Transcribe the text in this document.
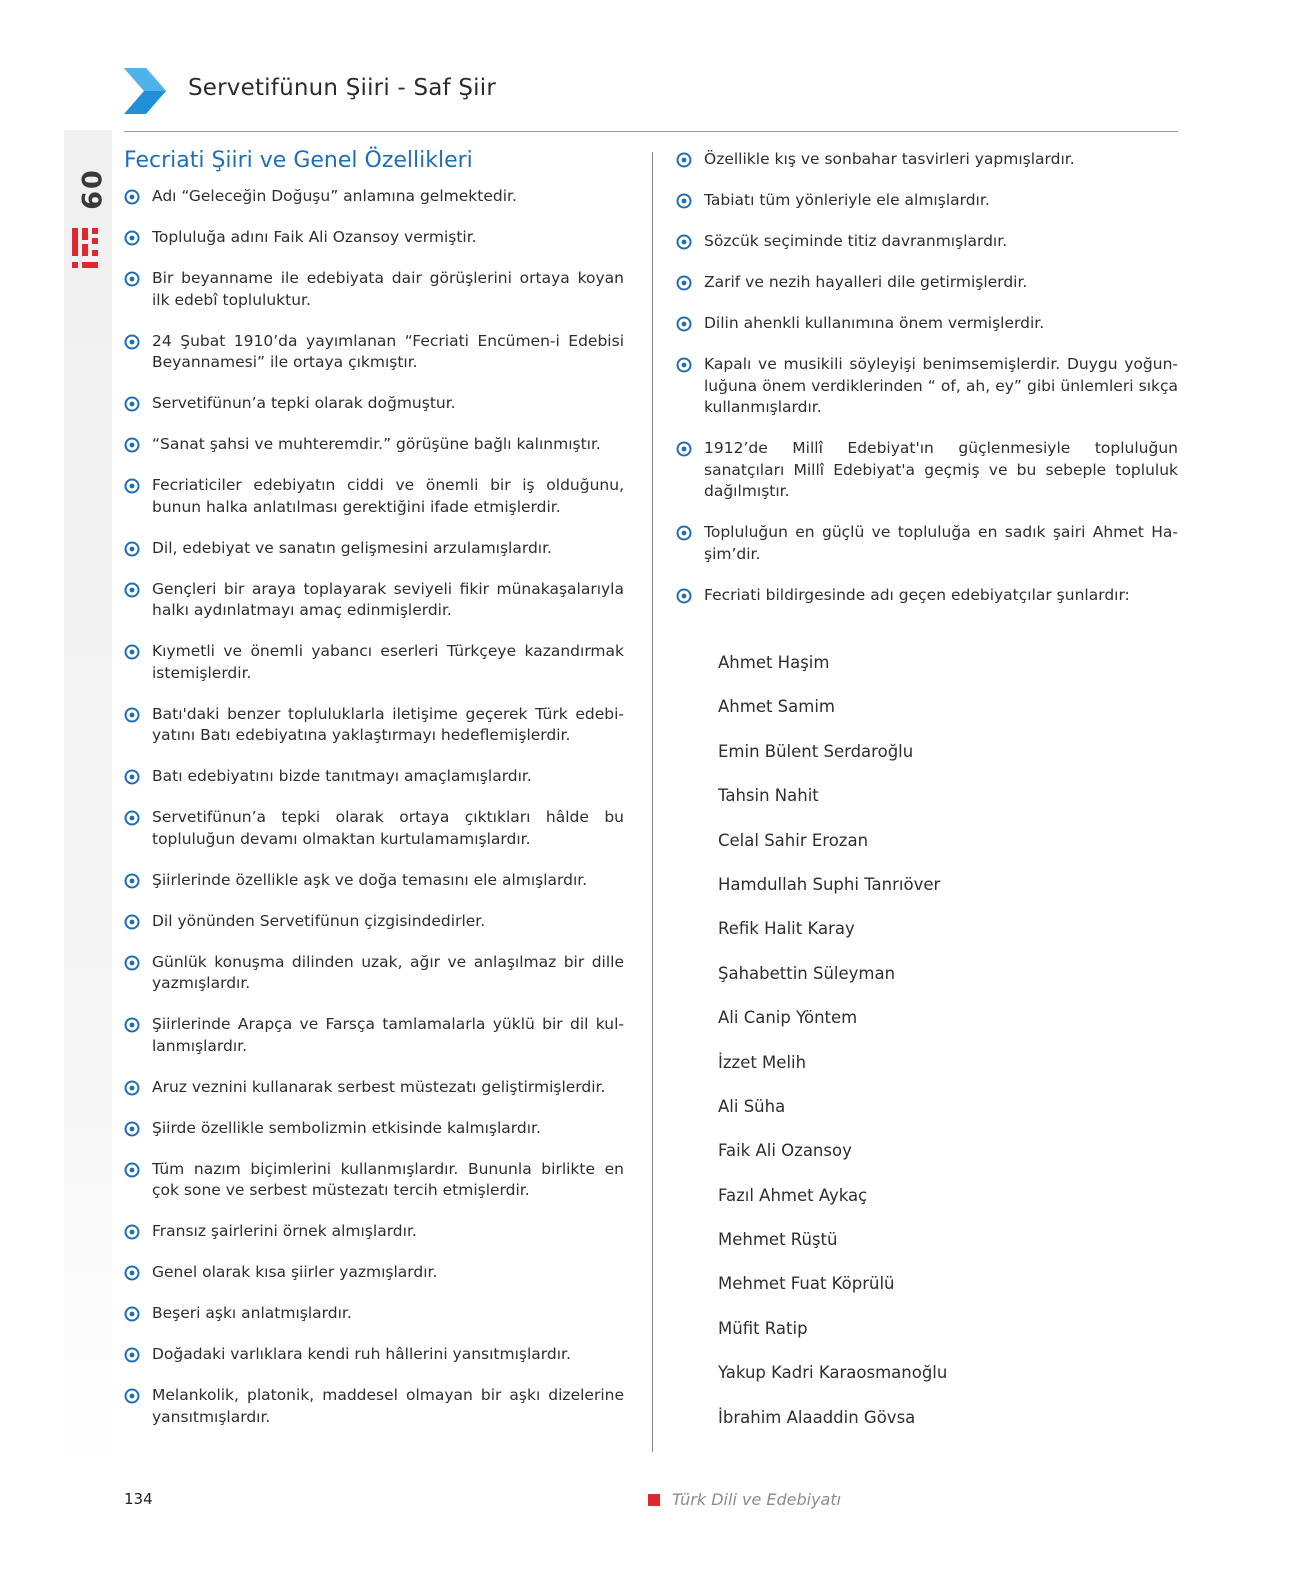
09
Servetifünun Şiiri - Saf Şiir
Fecriati Şiiri ve Genel Özellikleri
Adı “Geleceğin Doğuşu” anlamına gelmektedir.
Topluluğa adını Faik Ali Ozansoy vermiştir.
Bir beyanname ile edebiyata dair görüşlerini ortaya koyan ilk edebî topluluktur.
24 Şubat 1910’da yayımlanan “Fecriati Encümen-i Edebisi Beyannamesi” ile ortaya çıkmıştır.
Servetifünun’a tepki olarak doğmuştur.
“Sanat şahsi ve muhteremdir.” görüşüne bağlı kalınmıştır.
Fecriaticiler edebiyatın ciddi ve önemli bir iş olduğunu, bunun halka anlatılması gerektiğini ifade etmişlerdir.
Dil, edebiyat ve sanatın gelişmesini arzulamışlardır.
Gençleri bir araya toplayarak seviyeli fikir münakaşalarıyla halkı aydınlatmayı amaç edinmişlerdir.
Kıymetli ve önemli yabancı eserleri Türkçeye kazandırmak istemişlerdir.
Batı'daki benzer topluluklarla iletişime geçerek Türk edebiyatını Batı edebiyatına yaklaştırmayı hedeflemişlerdir.
Batı edebiyatını bizde tanıtmayı amaçlamışlardır.
Servetifünun’a tepki olarak ortaya çıktıkları hâlde bu topluluğun devamı olmaktan kurtulamamışlardır.
Şiirlerinde özellikle aşk ve doğa temasını ele almışlardır.
Dil yönünden Servetifünun çizgisindedirler.
Günlük konuşma dilinden uzak, ağır ve anlaşılmaz bir dille yazmışlardır.
Şiirlerinde Arapça ve Farsça tamlamalarla yüklü bir dil kullanmışlardır.
Aruz veznini kullanarak serbest müstezatı geliştirmişlerdir.
Şiirde özellikle sembolizmin etkisinde kalmışlardır.
Tüm nazım biçimlerini kullanmışlardır. Bununla birlikte en çok sone ve serbest müstezatı tercih etmişlerdir.
Fransız şairlerini örnek almışlardır.
Genel olarak kısa şiirler yazmışlardır.
Beşeri aşkı anlatmışlardır.
Doğadaki varlıklara kendi ruh hâllerini yansıtmışlardır.
Melankolik, platonik, maddesel olmayan bir aşkı dizelerine yansıtmışlardır.
Özellikle kış ve sonbahar tasvirleri yapmışlardır.
Tabiatı tüm yönleriyle ele almışlardır.
Sözcük seçiminde titiz davranmışlardır.
Zarif ve nezih hayalleri dile getirmişlerdir.
Dilin ahenkli kullanımına önem vermişlerdir.
Kapalı ve musikili söyleyişi benimsemişlerdir. Duygu yoğunluğuna önem verdiklerinden “ of, ah, ey” gibi ünlemleri sıkça kullanmışlardır.
1912’de Millî Edebiyat'ın güçlenmesiyle topluluğun sanatçıları Millî Edebiyat'a geçmiş ve bu sebeple topluluk dağılmıştır.
Topluluğun en güçlü ve topluluğa en sadık şairi Ahmet Haşim’dir.
Fecriati bildirgesinde adı geçen edebiyatçılar şunlardır:
Ahmet Haşim
Ahmet Samim
Emin Bülent Serdaroğlu
Tahsin Nahit
Celal Sahir Erozan
Hamdullah Suphi Tanrıöver
Refik Halit Karay
Şahabettin Süleyman
Ali Canip Yöntem
İzzet Melih
Ali Süha
Faik Ali Ozansoy
Fazıl Ahmet Aykaç
Mehmet Rüştü
Mehmet Fuat Köprülü
Müfit Ratip
Yakup Kadri Karaosmanoğlu
İbrahim Alaaddin Gövsa
134	Türk Dili ve Edebiyatı
